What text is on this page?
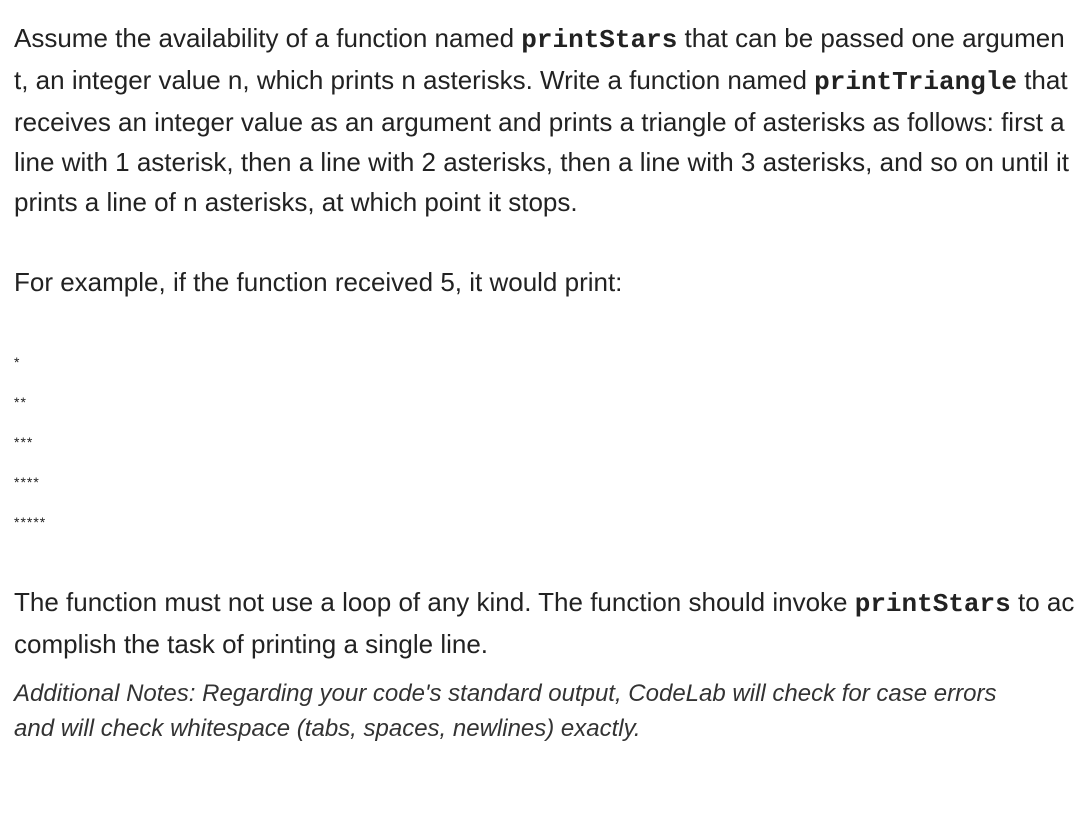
Assume the availability of a function named printStars that can be passed one argument, an integer value n, which prints n asterisks. Write a function named printTriangle that receives an integer value as an argument and prints a triangle of asterisks as follows: first a line with 1 asterisk, then a line with 2 asterisks, then a line with 3 asterisks, and so on until it prints a line of n asterisks, at which point it stops.

For example, if the function received 5, it would print:

*
**
***
****
*****

The function must not use a loop of any kind. The function should invoke printStars to accomplish the task of printing a single line.

Additional Notes: Regarding your code's standard output, CodeLab will check for case errors and will check whitespace (tabs, spaces, newlines) exactly.
